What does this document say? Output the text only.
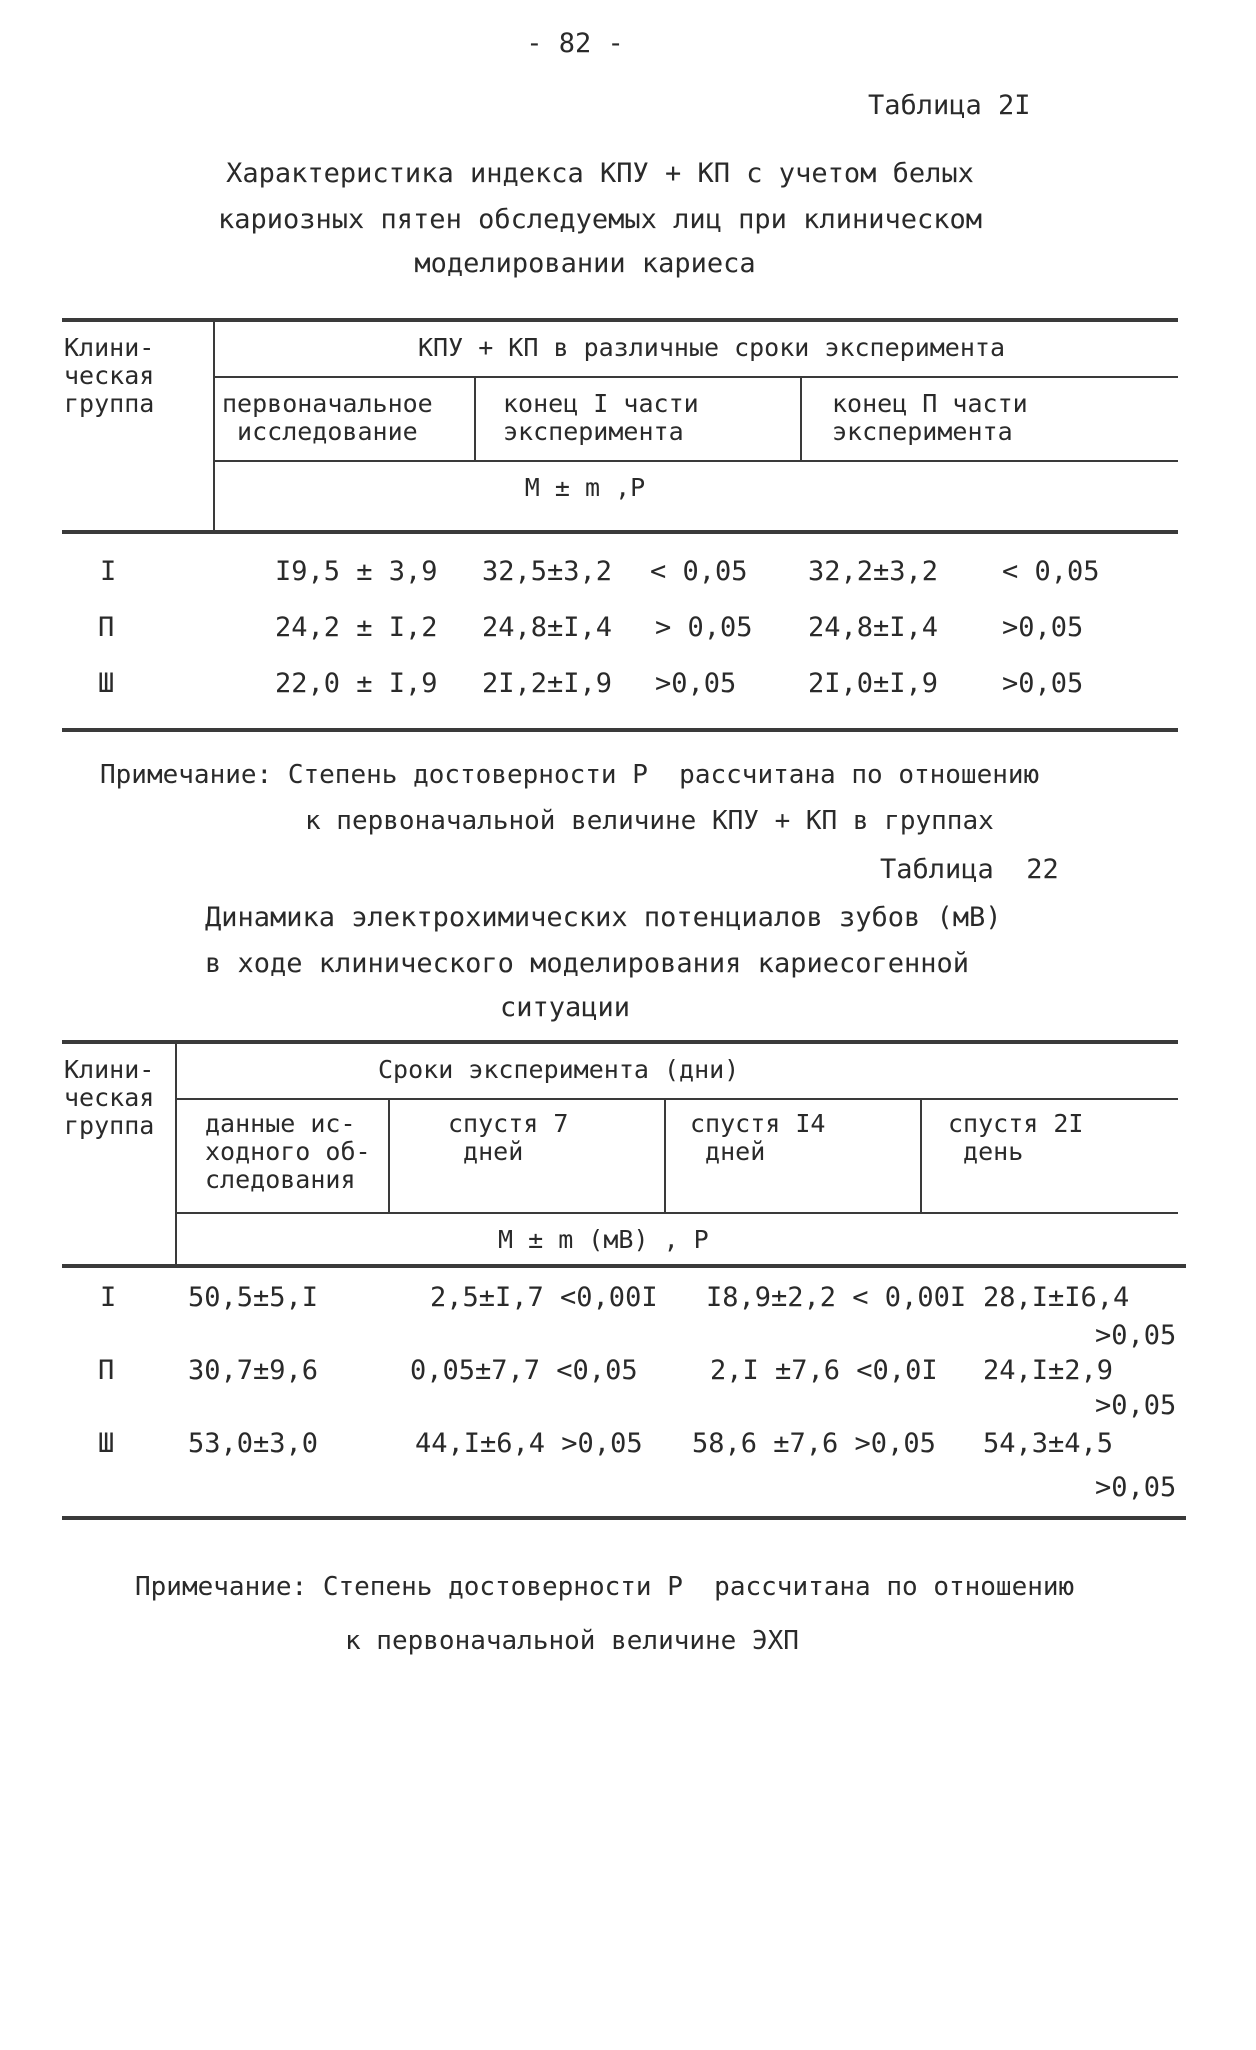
- 82 -
Таблица 2I
Характеристика индекса КПУ + КП с учетом белых
кариозных пятен обследуемых лиц при клиническом
моделировании кариеса
Клини-
ческая
группа
КПУ + КП в различные сроки эксперимента
первоначальное
исследование
конец I части
эксперимента
конец П части
эксперимента
M ± m ,P
I	I9,5 ± 3,9 32,5±3,2 < 0,05 32,2±3,2 < 0,05
П	24,2 ± I,2 24,8±I,4 > 0,05 24,8±I,4 >0,05
Ш	22,0 ± I,9 2I,2±I,9 >0,05	2I,0±I,9 >0,05
Примечание: Степень достоверности Р  рассчитана по отношению
к первоначальной величине КПУ + КП в группах
Таблица  22
Динамика электрохимических потенциалов зубов (мВ)
в ходе клинического моделирования кариесогенной
ситуации
Клини-
ческая
группа
Сроки эксперимента (дни)
данные ис-
ходного об-
следования
спустя 7
дней
спустя I4
дней
спустя 2I
день
M ± m (мВ) , P
I	50,5±5,I	2,5±I,7 <0,00I I8,9±2,2 < 0,00I 28,I±I6,4
>0,05
П	30,7±9,6	0,05±7,7 <0,05	2,I ±7,6 <0,0I 24,I±2,9
>0,05
Ш	53,0±3,0	44,I±6,4 >0,05 58,6 ±7,6 >0,05 54,3±4,5
>0,05
Примечание: Степень достоверности Р  рассчитана по отношению
к первоначальной величине ЭХП
